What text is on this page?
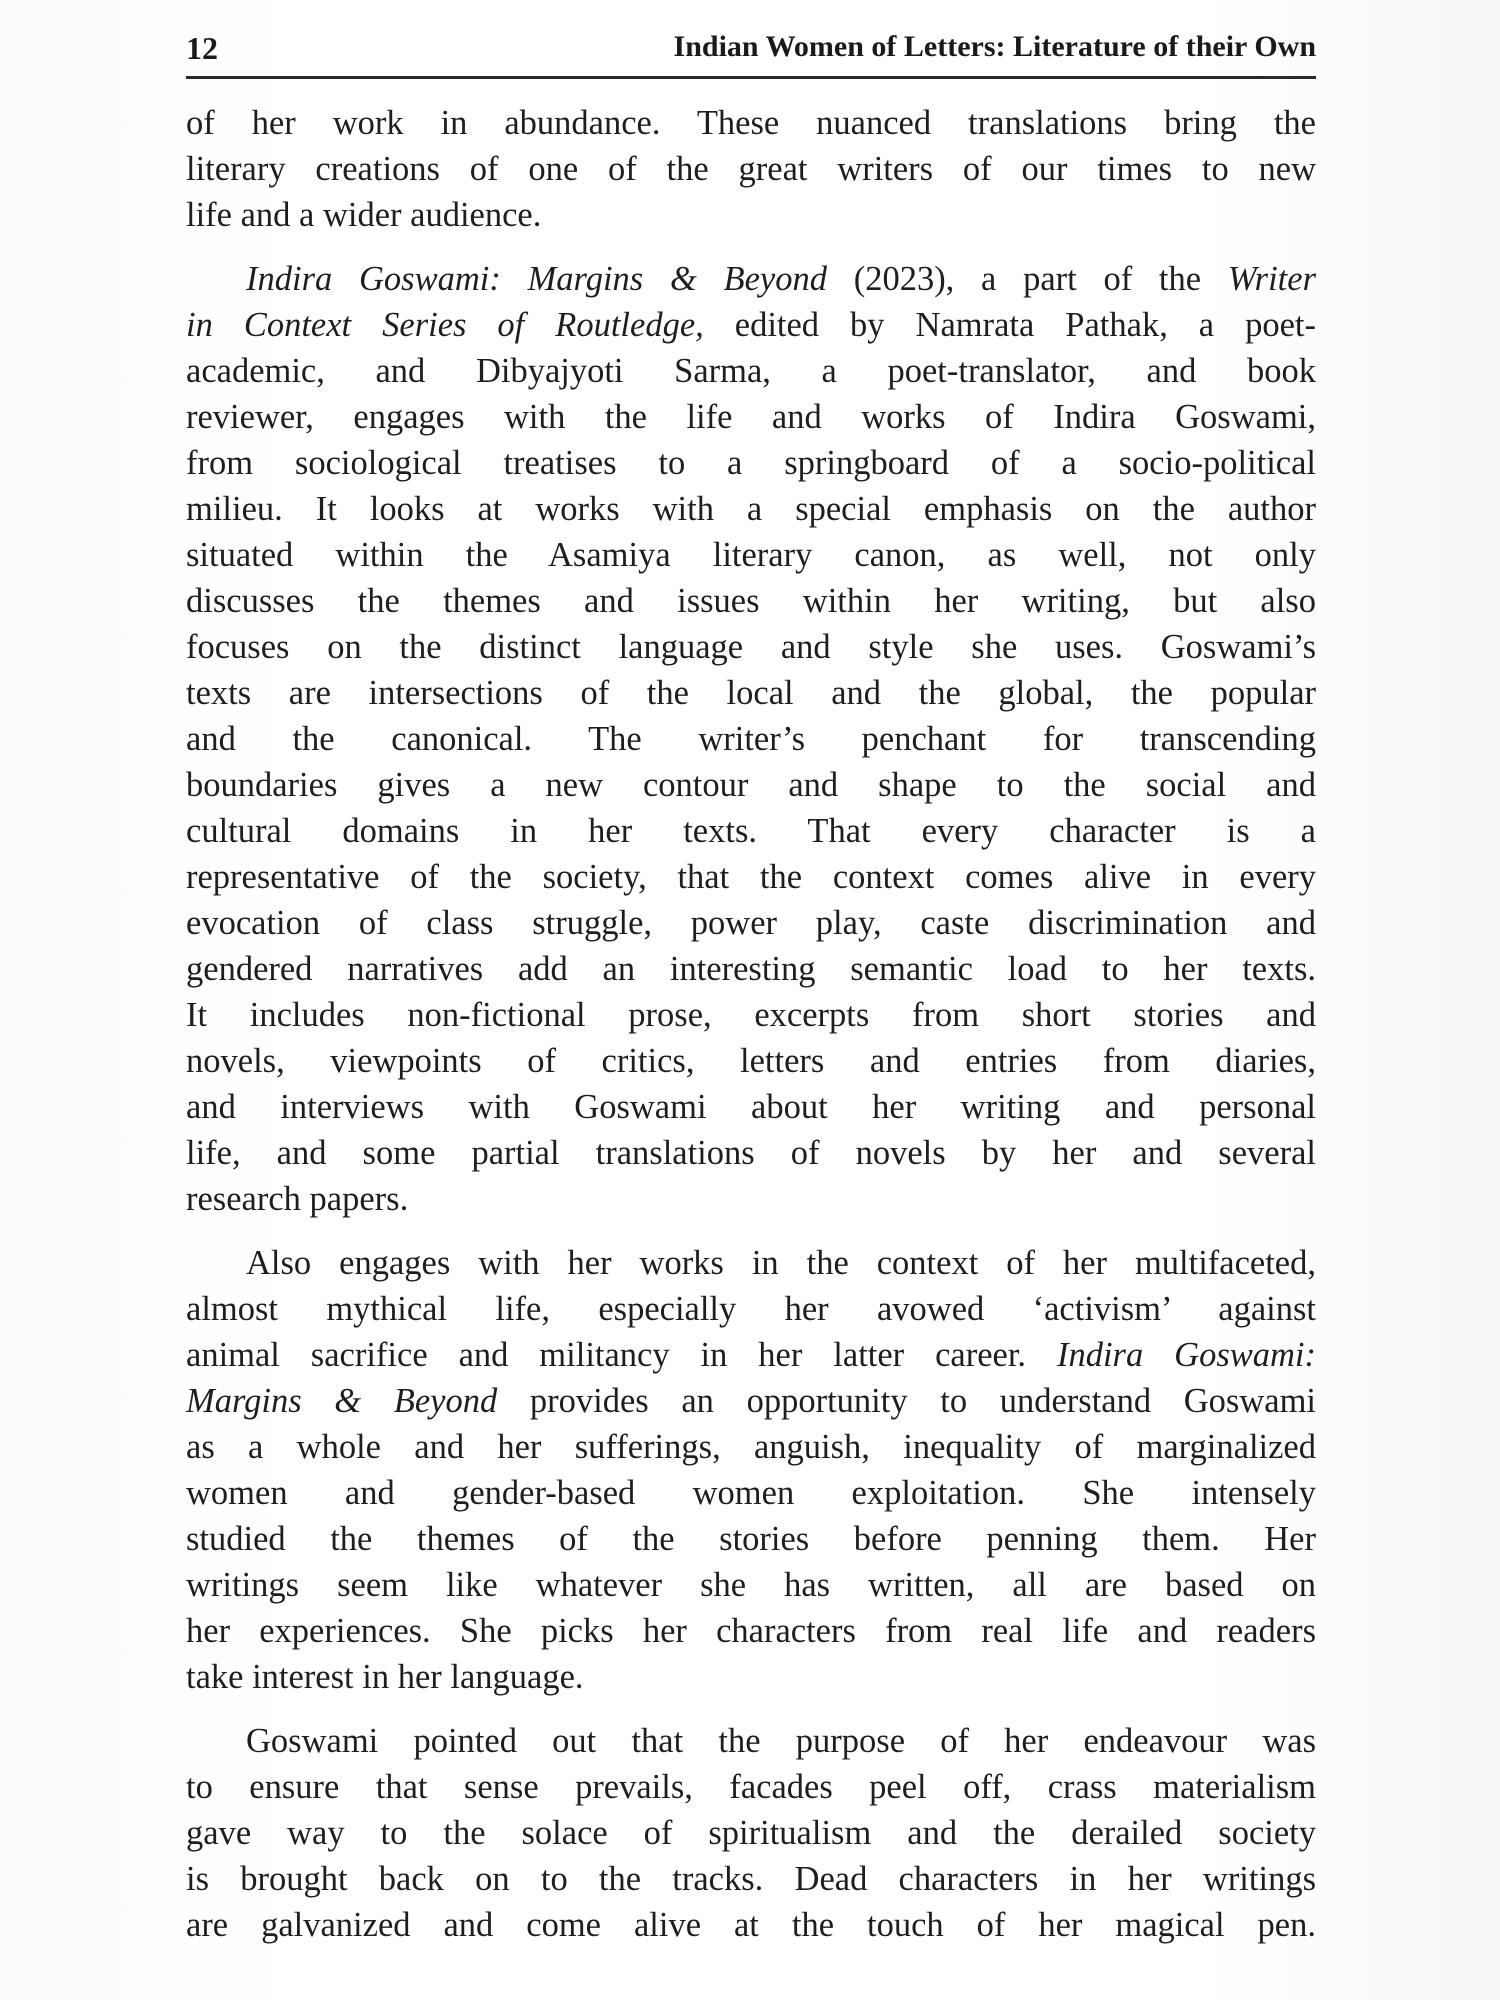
12	Indian Women of Letters: Literature of their Own
of her work in abundance. These nuanced translations bring the
literary creations of one of the great writers of our times to new
life and a wider audience.
Indira Goswami: Margins & Beyond (2023), a part of the Writer
in Context Series of Routledge, edited by Namrata Pathak, a poet-
academic, and Dibyajyoti Sarma, a poet-translator, and book
reviewer, engages with the life and works of Indira Goswami,
from sociological treatises to a springboard of a socio-political
milieu. It looks at works with a special emphasis on the author
situated within the Asamiya literary canon, as well, not only
discusses the themes and issues within her writing, but also
focuses on the distinct language and style she uses. Goswami’s
texts are intersections of the local and the global, the popular
and the canonical. The writer’s penchant for transcending
boundaries gives a new contour and shape to the social and
cultural domains in her texts. That every character is a
representative of the society, that the context comes alive in every
evocation of class struggle, power play, caste discrimination and
gendered narratives add an interesting semantic load to her texts.
It includes non-fictional prose, excerpts from short stories and
novels, viewpoints of critics, letters and entries from diaries,
and interviews with Goswami about her writing and personal
life, and some partial translations of novels by her and several
research papers.
Also engages with her works in the context of her multifaceted,
almost mythical life, especially her avowed ‘activism’ against
animal sacrifice and militancy in her latter career. Indira Goswami:
Margins & Beyond provides an opportunity to understand Goswami
as a whole and her sufferings, anguish, inequality of marginalized
women and gender-based women exploitation. She intensely
studied the themes of the stories before penning them. Her
writings seem like whatever she has written, all are based on
her experiences. She picks her characters from real life and readers
take interest in her language.
Goswami pointed out that the purpose of her endeavour was
to ensure that sense prevails, facades peel off, crass materialism
gave way to the solace of spiritualism and the derailed society
is brought back on to the tracks. Dead characters in her writings
are galvanized and come alive at the touch of her magical pen.
